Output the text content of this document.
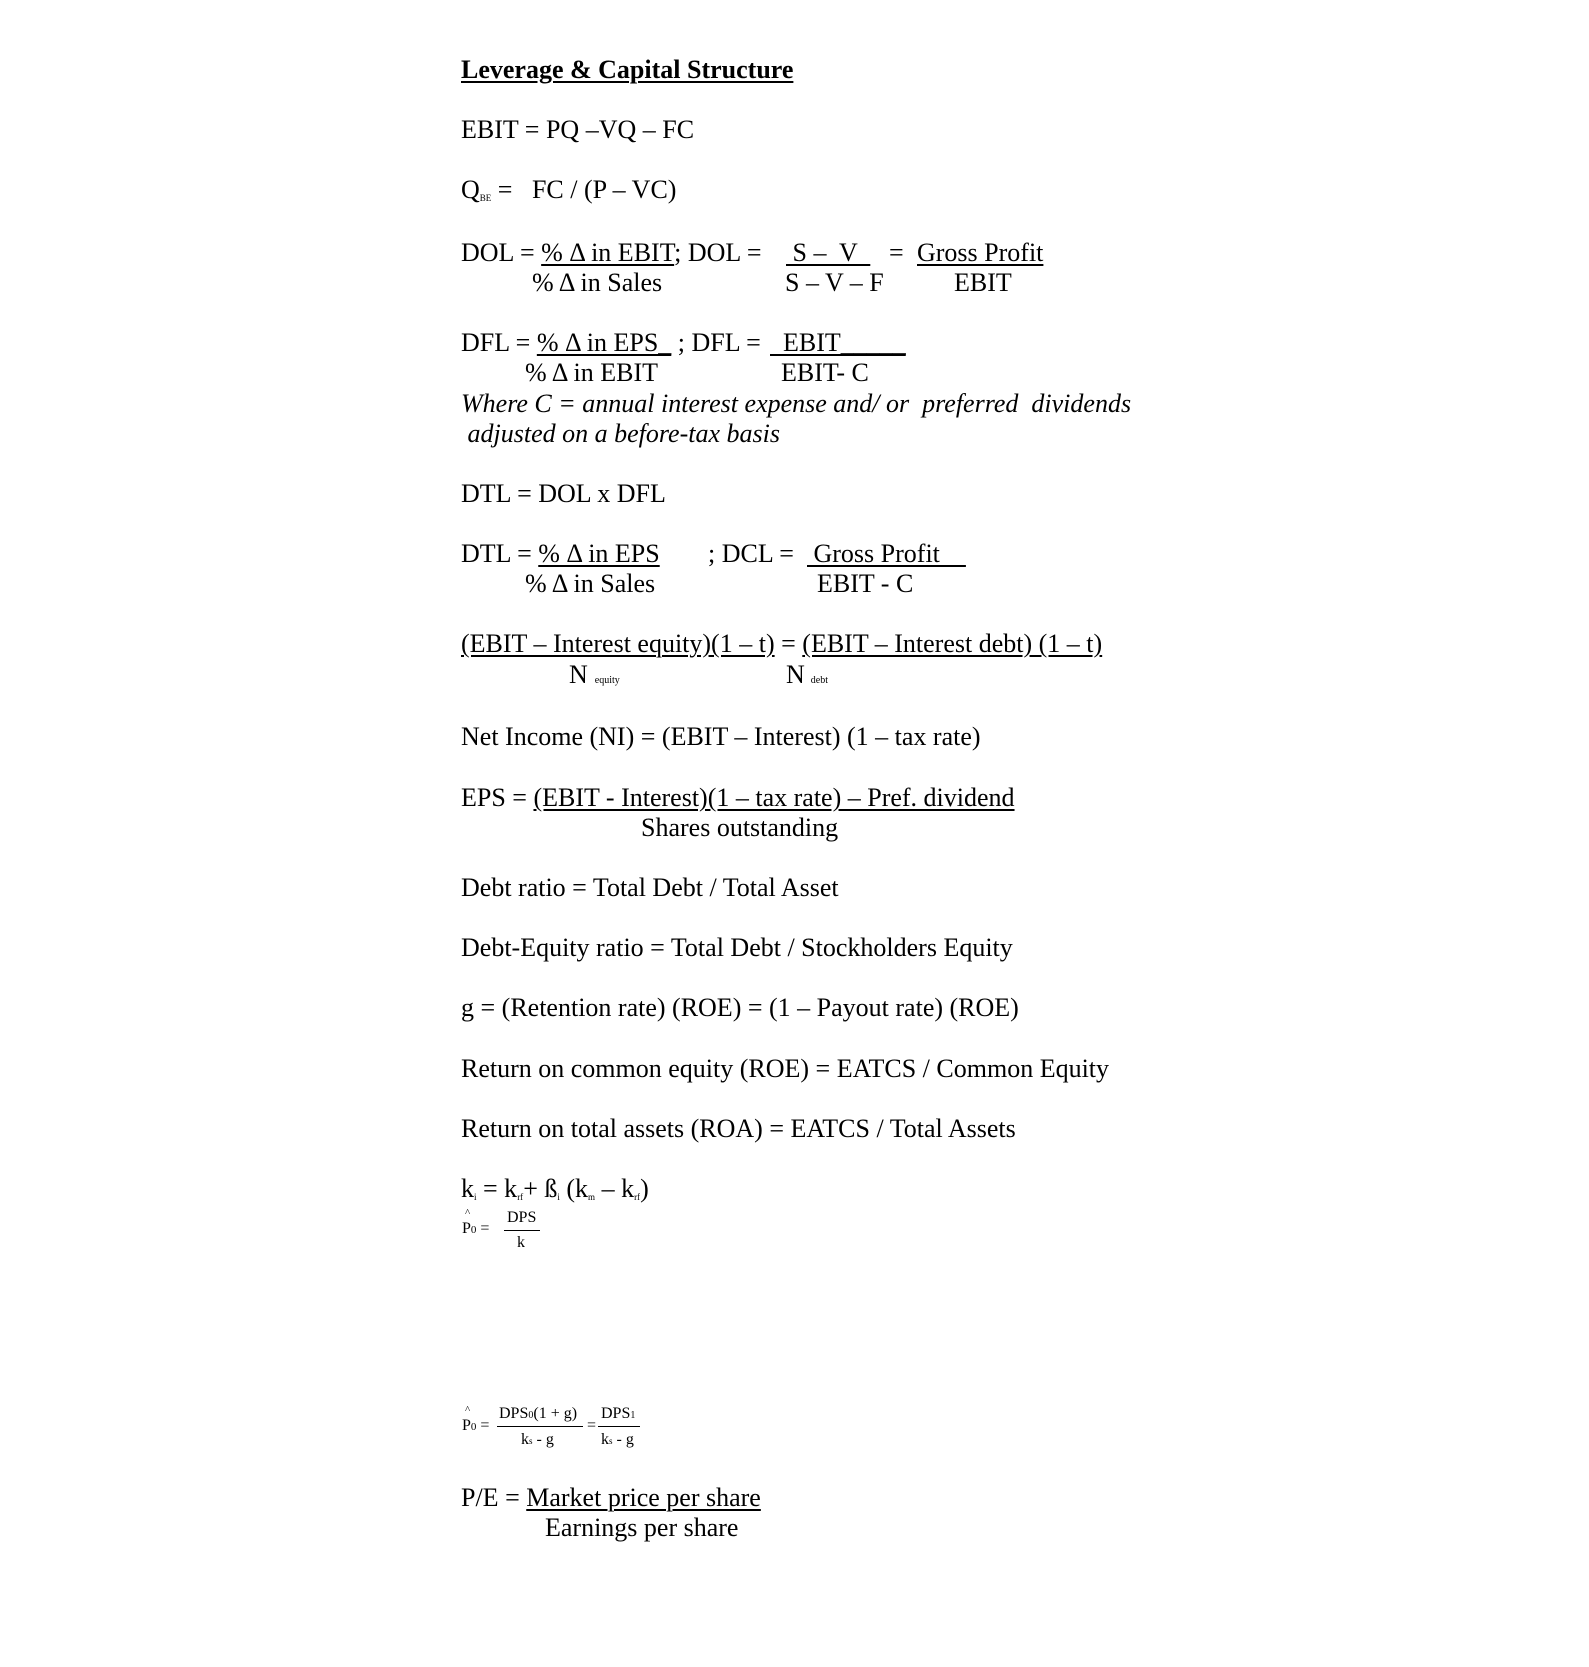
Leverage & Capital Structure
EBIT = PQ –VQ – FC
$Q_{BE}$ =   FC / (P – VC)
DOL = % Δ in EBIT; DOL = S –  V = Gross Profit
% Δ in Sales	S – V – F	EBIT
DFL = % Δ in EPS_ ; DFL = EBIT_____
% Δ in EBIT	EBIT- C
Where C = annual interest expense and/ or  preferred  dividends
adjusted on a before-tax basis
DTL = DOL x DFL
DTL = % Δ in EPS ; DCL = Gross Profit
% Δ in Sales	EBIT - C
(EBIT – Interest equity)(1 – t) = (EBIT – Interest debt) (1 – t)
Nequity	Ndebt
Net Income (NI) = (EBIT – Interest) (1 – tax rate)
EPS = (EBIT - Interest)(1 – tax rate) – Pref. dividend
Shares outstanding
Debt ratio = Total Debt / Total Asset
Debt-Equity ratio = Total Debt / Stockholders Equity
g = (Retention rate) (ROE) = (1 – Payout rate) (ROE)
Return on common equity (ROE) = EATCS / Common Equity
Return on total assets (ROA) = EATCS / Total Assets
$k_i = k_{rf}+$ $ß_i$ $(k_m - k_{rf})$
^
P0 =
DPS
k
^
P0 =
DPS0(1 + g)
ks - g
=
DPS1
ks - g
P/E = Market price per share
Earnings per share
